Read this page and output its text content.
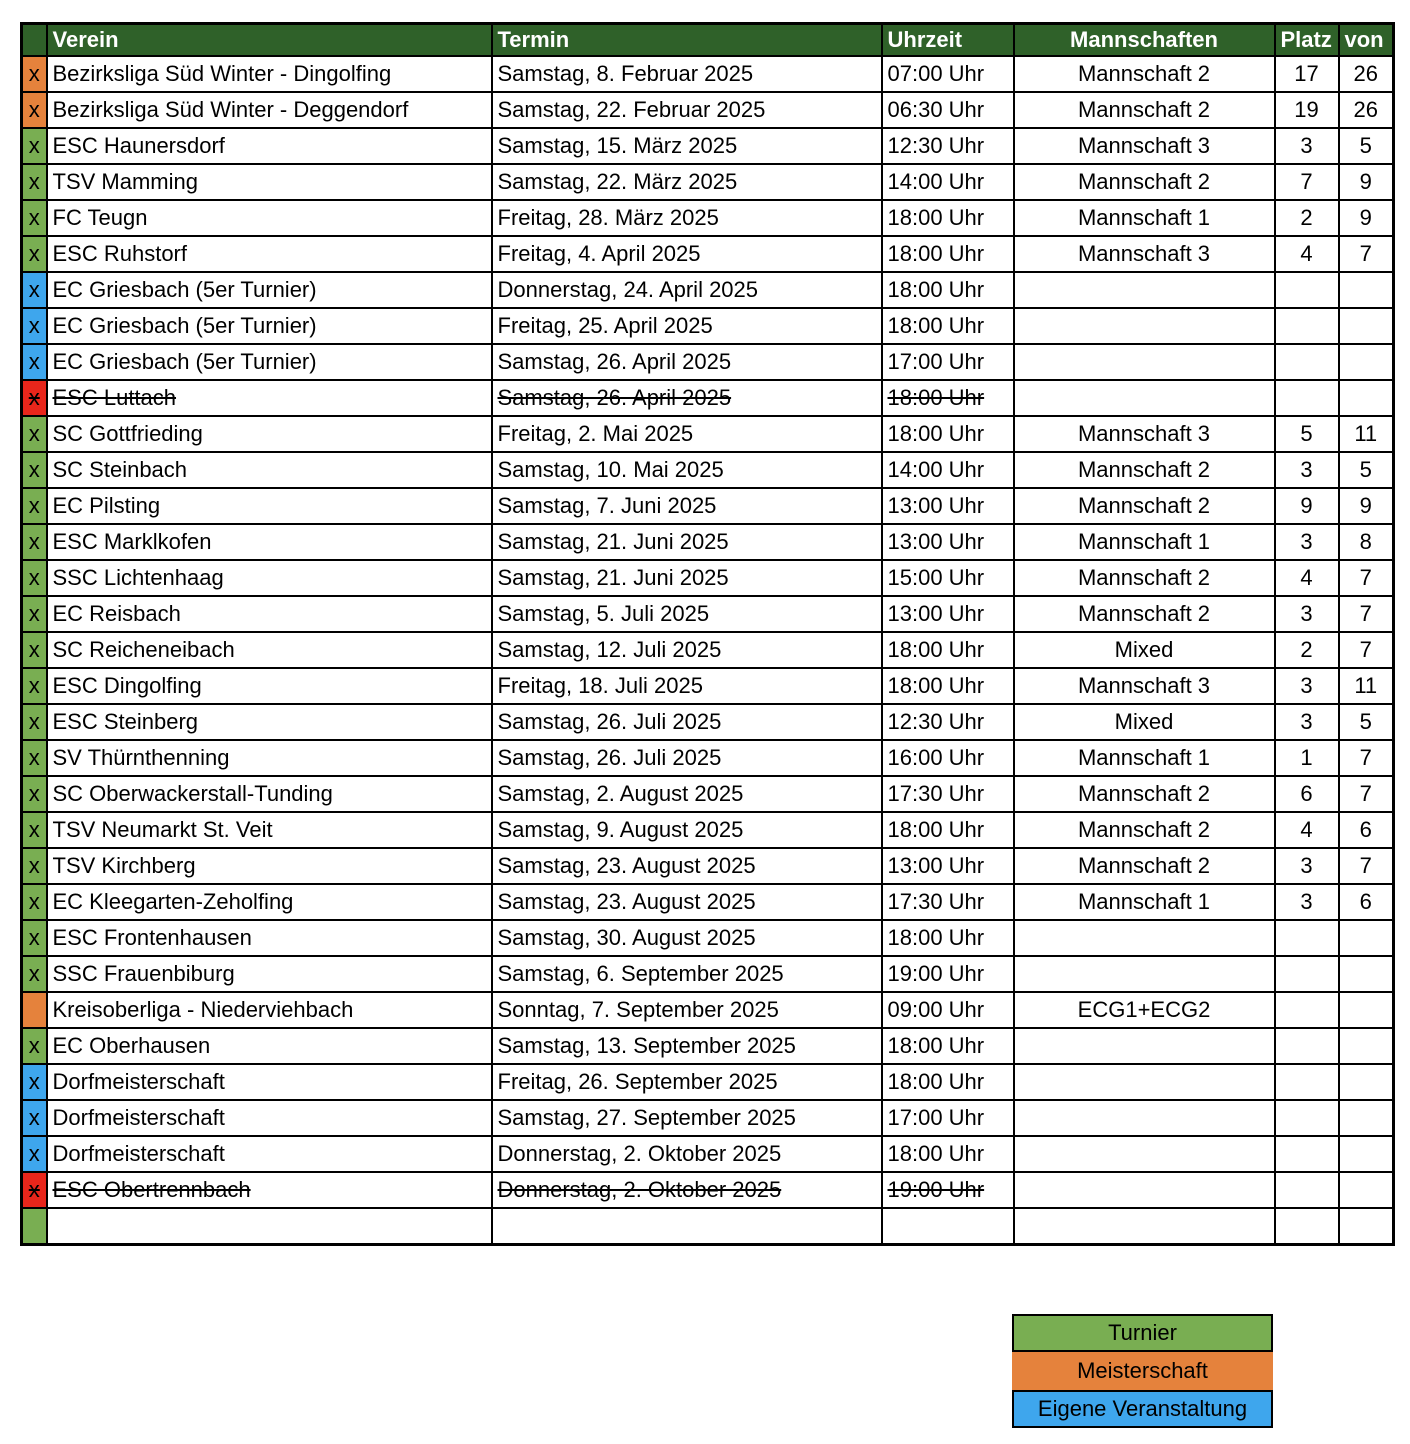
	Verein	Termin	Uhrzeit	Mannschaften	Platz	von
x	Bezirksliga Süd Winter - Dingolfing	Samstag, 8. Februar 2025	07:00 Uhr	Mannschaft 2	17	26
x	Bezirksliga Süd Winter - Deggendorf	Samstag, 22. Februar 2025	06:30 Uhr	Mannschaft 2	19	26
x	ESC Haunersdorf	Samstag, 15. März 2025	12:30 Uhr	Mannschaft 3	3	5
x	TSV Mamming	Samstag, 22. März 2025	14:00 Uhr	Mannschaft 2	7	9
x	FC Teugn	Freitag, 28. März 2025	18:00 Uhr	Mannschaft 1	2	9
x	ESC Ruhstorf	Freitag, 4. April 2025	18:00 Uhr	Mannschaft 3	4	7
x	EC Griesbach (5er Turnier)	Donnerstag, 24. April 2025	18:00 Uhr			
x	EC Griesbach (5er Turnier)	Freitag, 25. April 2025	18:00 Uhr			
x	EC Griesbach (5er Turnier)	Samstag, 26. April 2025	17:00 Uhr			
x	ESC Luttach	Samstag, 26. April 2025	18:00 Uhr			
x	SC Gottfrieding	Freitag, 2. Mai 2025	18:00 Uhr	Mannschaft 3	5	11
x	SC Steinbach	Samstag, 10. Mai 2025	14:00 Uhr	Mannschaft 2	3	5
x	EC Pilsting	Samstag, 7. Juni 2025	13:00 Uhr	Mannschaft 2	9	9
x	ESC Marklkofen	Samstag, 21. Juni 2025	13:00 Uhr	Mannschaft 1	3	8
x	SSC Lichtenhaag	Samstag, 21. Juni 2025	15:00 Uhr	Mannschaft 2	4	7
x	EC Reisbach	Samstag, 5. Juli 2025	13:00 Uhr	Mannschaft 2	3	7
x	SC Reicheneibach	Samstag, 12. Juli 2025	18:00 Uhr	Mixed	2	7
x	ESC Dingolfing	Freitag, 18. Juli 2025	18:00 Uhr	Mannschaft 3	3	11
x	ESC Steinberg	Samstag, 26. Juli 2025	12:30 Uhr	Mixed	3	5
x	SV Thürnthenning	Samstag, 26. Juli 2025	16:00 Uhr	Mannschaft 1	1	7
x	SC Oberwackerstall-Tunding	Samstag, 2. August 2025	17:30 Uhr	Mannschaft 2	6	7
x	TSV Neumarkt St. Veit	Samstag, 9. August 2025	18:00 Uhr	Mannschaft 2	4	6
x	TSV Kirchberg	Samstag, 23. August 2025	13:00 Uhr	Mannschaft 2	3	7
x	EC Kleegarten-Zeholfing	Samstag, 23. August 2025	17:30 Uhr	Mannschaft 1	3	6
x	ESC Frontenhausen	Samstag, 30. August 2025	18:00 Uhr			
x	SSC Frauenbiburg	Samstag, 6. September 2025	19:00 Uhr			
	Kreisoberliga - Niederviehbach	Sonntag, 7. September 2025	09:00 Uhr	ECG1+ECG2		
x	EC Oberhausen	Samstag, 13. September 2025	18:00 Uhr			
x	Dorfmeisterschaft	Freitag, 26. September 2025	18:00 Uhr			
x	Dorfmeisterschaft	Samstag, 27. September 2025	17:00 Uhr			
x	Dorfmeisterschaft	Donnerstag, 2. Oktober 2025	18:00 Uhr			
x	ESC Obertrennbach	Donnerstag, 2. Oktober 2025	19:00 Uhr			

Turnier
Meisterschaft
Eigene Veranstaltung
